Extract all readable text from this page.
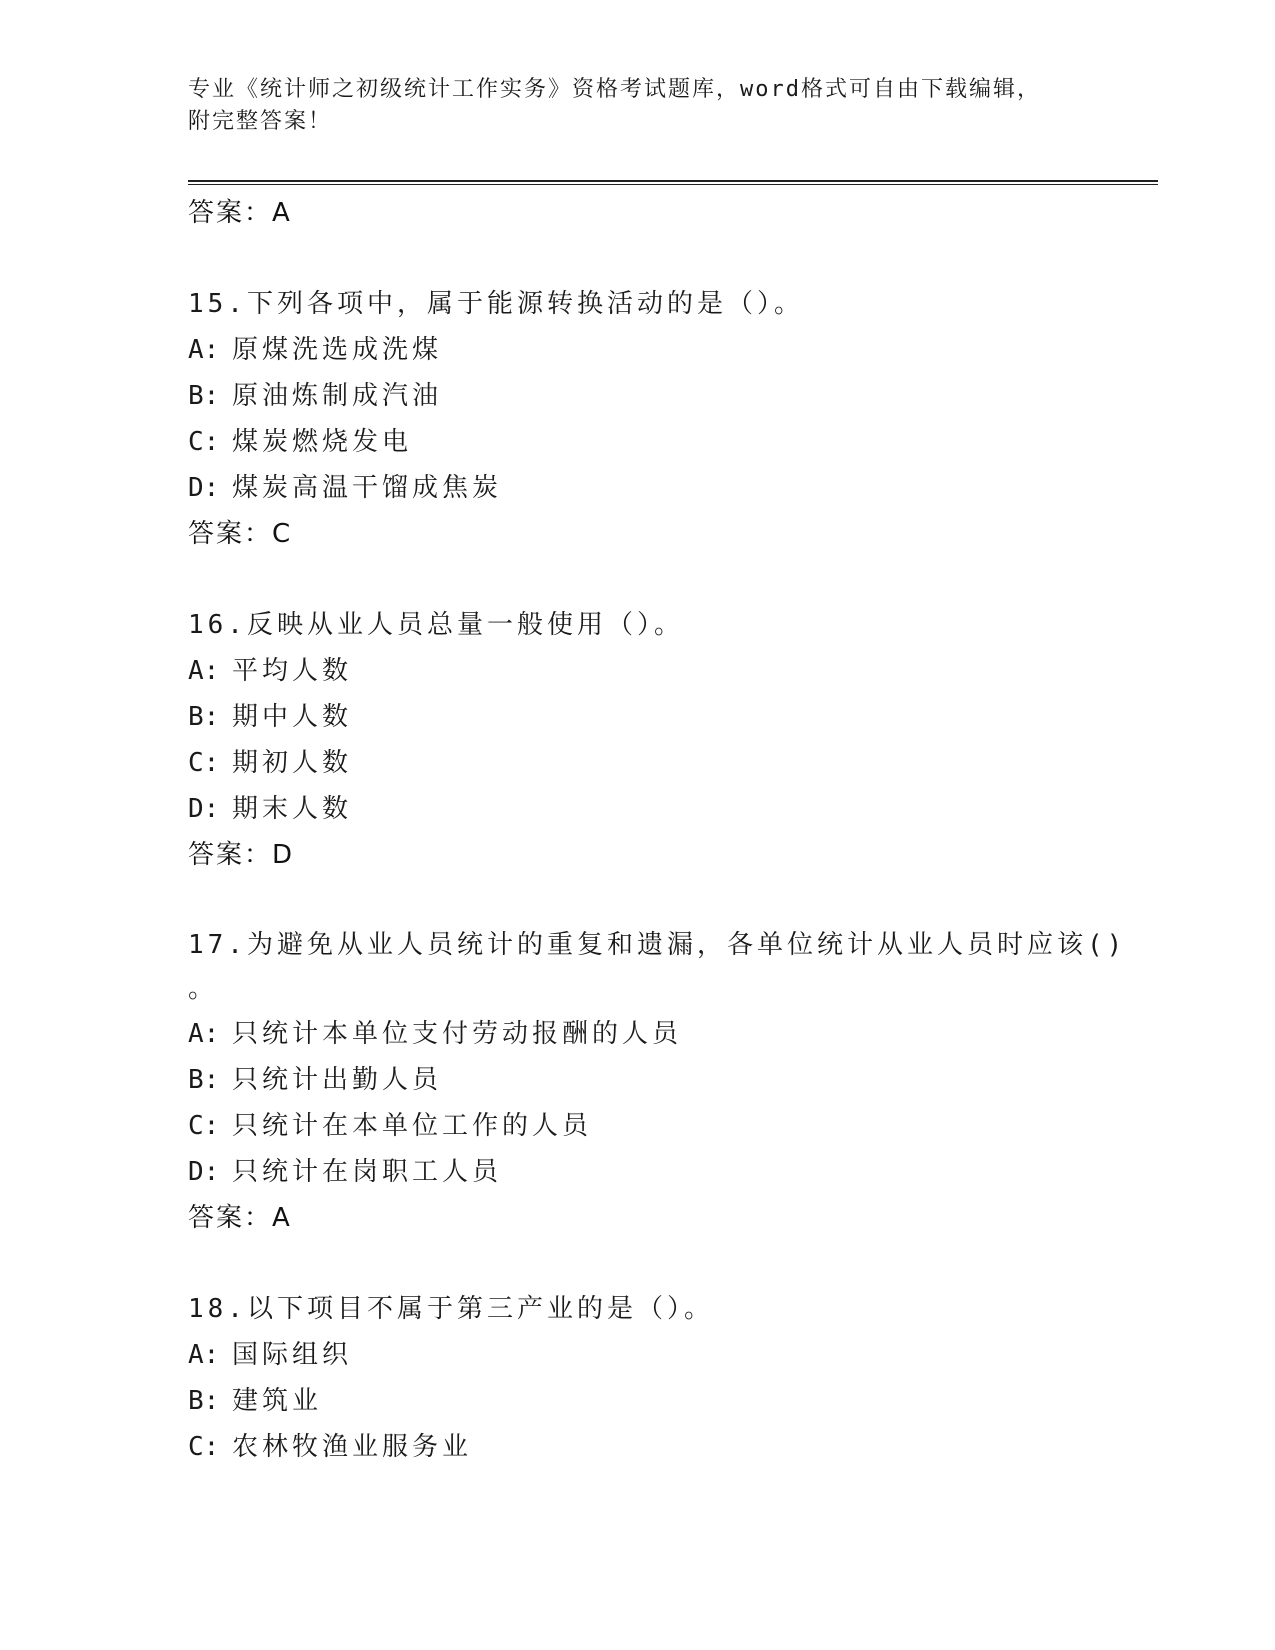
专业《统计师之初级统计工作实务》资格考试题库，word格式可自由下载编辑，
附完整答案！
答案：A
15.下列各项中，属于能源转换活动的是（）。
A: 原煤洗选成洗煤
B: 原油炼制成汽油
C: 煤炭燃烧发电
D: 煤炭高温干馏成焦炭
答案：C
16.反映从业人员总量一般使用（）。
A: 平均人数
B: 期中人数
C: 期初人数
D: 期末人数
答案：D
17.为避免从业人员统计的重复和遗漏，各单位统计从业人员时应该()
。
A: 只统计本单位支付劳动报酬的人员
B: 只统计出勤人员
C: 只统计在本单位工作的人员
D: 只统计在岗职工人员
答案：A
18.以下项目不属于第三产业的是（）。
A: 国际组织
B: 建筑业
C: 农林牧渔业服务业
